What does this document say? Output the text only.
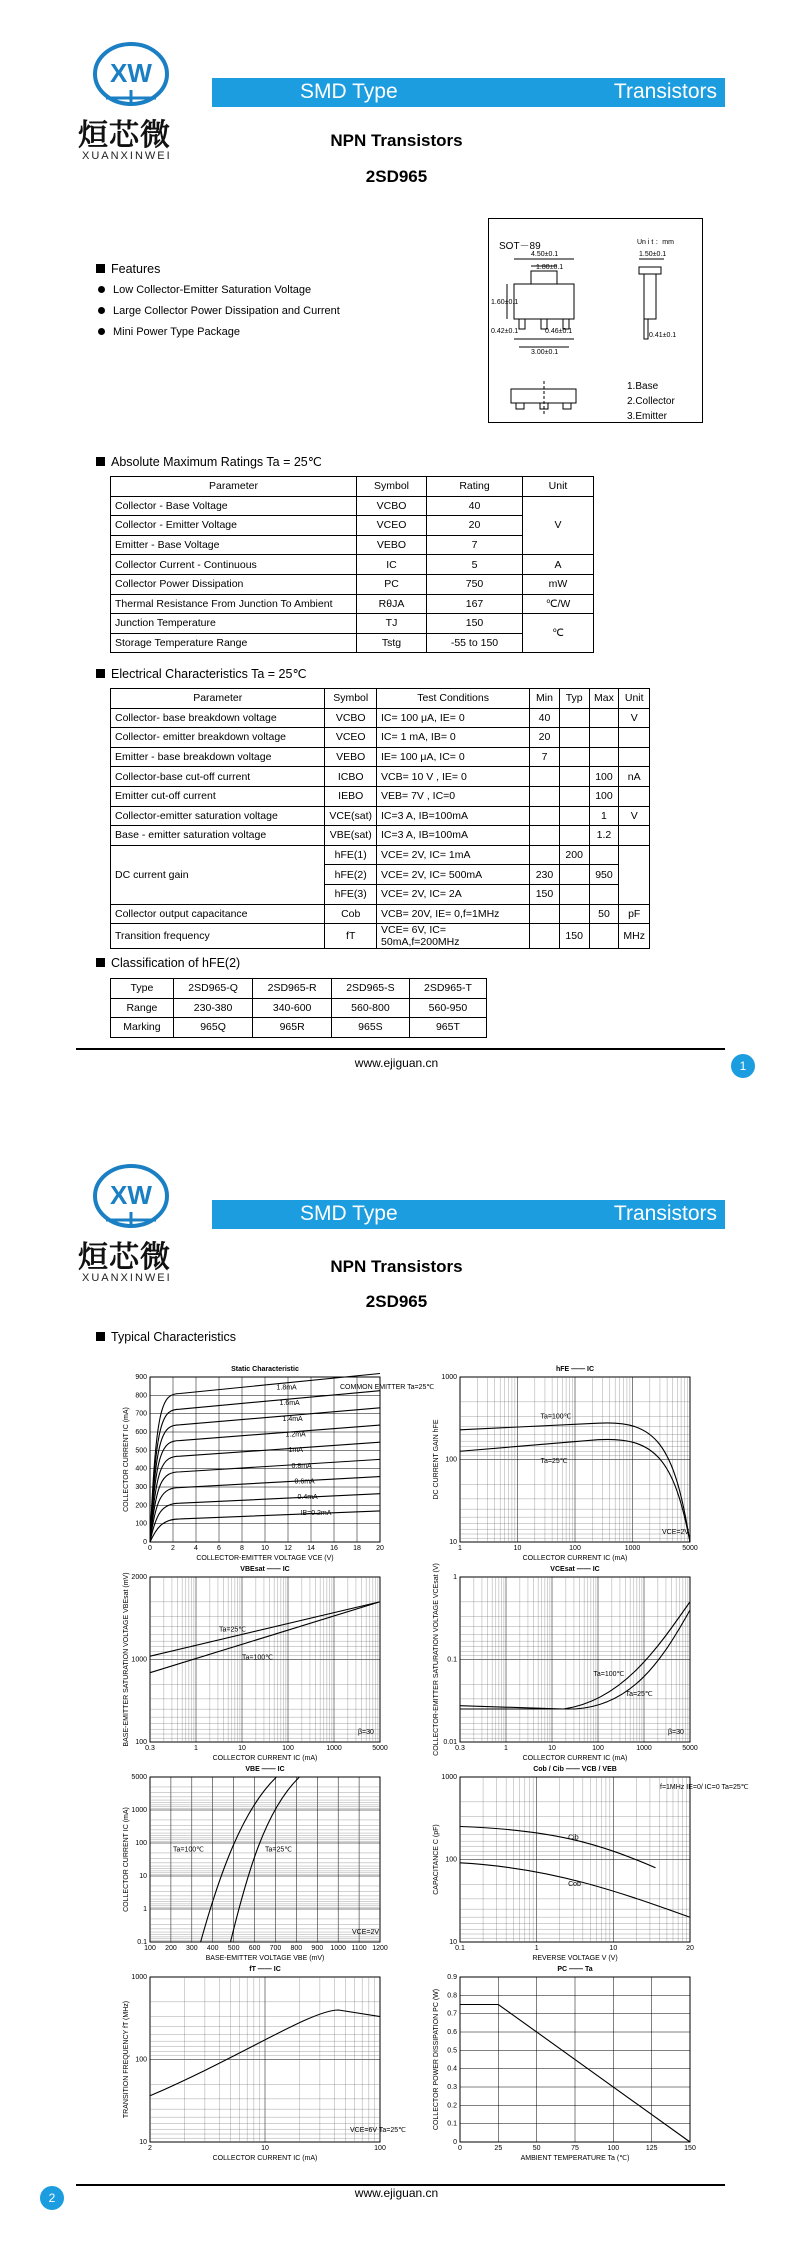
XW
烜芯微
XUANXINWEI
SMD Type	Transistors
NPN Transistors
2SD965
SOT－89	Un i t ：mm
4.50±0.1	1.50±0.1
1.80±0.1
0.42±0.1	0.46±0.1
0.41±0.1
3.00±0.1
1.60±0.1
1.Base
2.Collector
3.Emitter
Features
Low Collector-Emitter Saturation Voltage
Large Collector Power Dissipation and Current
Mini Power Type Package
Absolute Maximum Ratings Ta = 25℃
Parameter	Symbol	Rating	Unit
Collector - Base Voltage	VCBO	40	V
Collector - Emitter Voltage	VCEO	20	
Emitter - Base Voltage	VEBO	7	
Collector Current - Continuous	IC	5	A
Collector Power Dissipation	PC	750	mW
Thermal Resistance From Junction To Ambient	RθJA	167	℃/W
Junction Temperature	TJ	150	℃
Storage Temperature Range	Tstg	-55 to 150	
Electrical Characteristics Ta = 25℃
Parameter	Symbol	Test Conditions	Min	Typ	Max	Unit
Collector- base breakdown voltage	VCBO	IC= 100 μA, IE= 0	40			V
Collector- emitter breakdown voltage	VCEO	IC= 1 mA, IB= 0	20			
Emitter - base breakdown voltage	VEBO	IE= 100 μA, IC= 0	7			
Collector-base cut-off current	ICBO	VCB= 10 V , IE= 0			100	nA
Emitter cut-off current	IEBO	VEB= 7V , IC=0			100	
Collector-emitter saturation voltage	VCE(sat)	IC=3 A, IB=100mA			1	V
Base - emitter saturation voltage	VBE(sat)	IC=3 A, IB=100mA			1.2	
DC current gain	hFE(1)	VCE= 2V, IC= 1mA		200		
	hFE(2)	VCE= 2V, IC= 500mA	230		950	
	hFE(3)	VCE= 2V, IC= 2A	150			
Collector output capacitance	Cob	VCB= 20V, IE= 0,f=1MHz			50	pF
Transition frequency	fT	VCE= 6V, IC= 50mA,f=200MHz		150		MHz
Classification of hFE(2)
Type	2SD965-Q	2SD965-R	2SD965-S	2SD965-T
Range	230-380	340-600	560-800	560-950
Marking	965Q	965R	965S	965T
www.ejiguan.cn	1
XW
烜芯微
XUANXINWEI
SMD Type	Transistors
NPN Transistors
2SD965
Typical Characteristics
0	2	4	6	8 10 12 14 16 18 20
900
800
700
600
500
400
300
200
100
0
COLLECTOR-EMITTER VOLTAGE VCE (V)
COLLECTOR CURRENT IC (mA)
Static Characteristic
1.8mA
1.6mA
1.4mA
1.2mA
1mA
0.8mA
0.6mA
0.4mA
IB=0.2mA
COMMON EMITTER Ta=25℃
1	10	100	1000	5000
1000
100
10
COLLECTOR CURRENT IC (mA)
DC CURRENT GAIN hFE
hFE —— IC
Ta=100℃
Ta=25℃
VCE=2V
0.3	1	10	100	1000	5000
2000
1000
100
COLLECTOR CURRENT IC (mA)
BASE-EMITTER SATURATION VOLTAGE VBEsat (mV)
VBEsat —— IC
Ta=25℃
Ta=100℃
β=30
0.3	1	10	100	1000	5000
1
0.1
0.01
COLLECTOR CURRENT IC (mA)
COLLECTOR-EMITTER SATURATION VOLTAGE VCEsat (V)	VCEsat —— IC
Ta=100℃
Ta=25℃
β=30
100 200 300 400 500 600 700 800 900 1000 1100 1200
5000
1000
100
10
1
0.1
BASE-EMITTER VOLTAGE VBE (mV)
COLLECTOR CURRENT IC (mA)
VBE —— IC
Ta=100℃	Ta=25℃
VCE=2V
0.1	1	10	20
1000
100
10
REVERSE VOLTAGE V (V)
CAPACITANCE C (pF)
Cob / Cib —— VCB / VEB
Cib
Cob
f=1MHz IE=0/ IC=0 Ta=25℃
2	10	100
1000
100
10
COLLECTOR CURRENT IC (mA)
TRANSITION FREQUENCY fT (MHz)
fT —— IC
VCE=6V Ta=25℃
0	25	50	75	100	125	150
0.9
0.8
0.7
0.6
0.5
0.4
0.3
0.2
0.1
0
AMBIENT TEMPERATURE Ta (℃)
COLLECTOR POWER DISSIPATION PC (W)
PC —— Ta
www.ejiguan.cn
2
